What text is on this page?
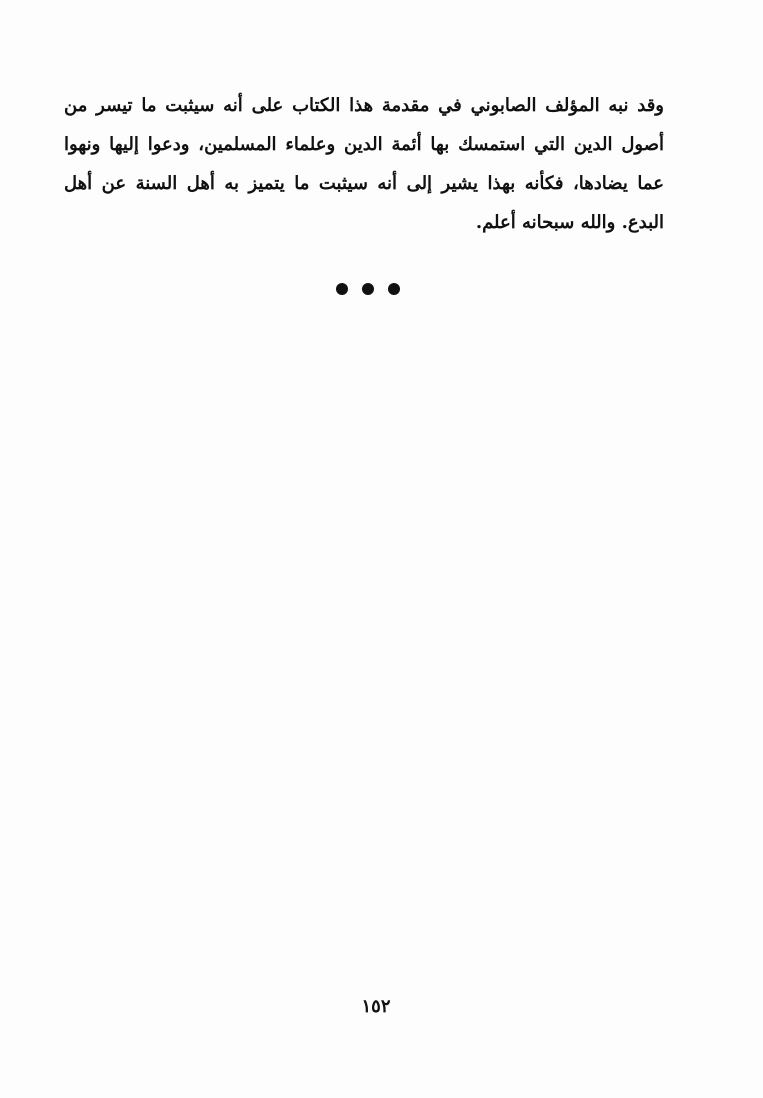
وقد نبه المؤلف الصابوني في مقدمة هذا الكتاب على أنه سيثبت ما تيسر من أصول الدين التي استمسك بها أئمة الدين وعلماء المسلمين، ودعوا إليها ونهوا عما يضادها، فكأنه بهذا يشير إلى أنه سيثبت ما يتميز به أهل السنة عن أهل البدع. والله سبحانه أعلم.

١٥٢
